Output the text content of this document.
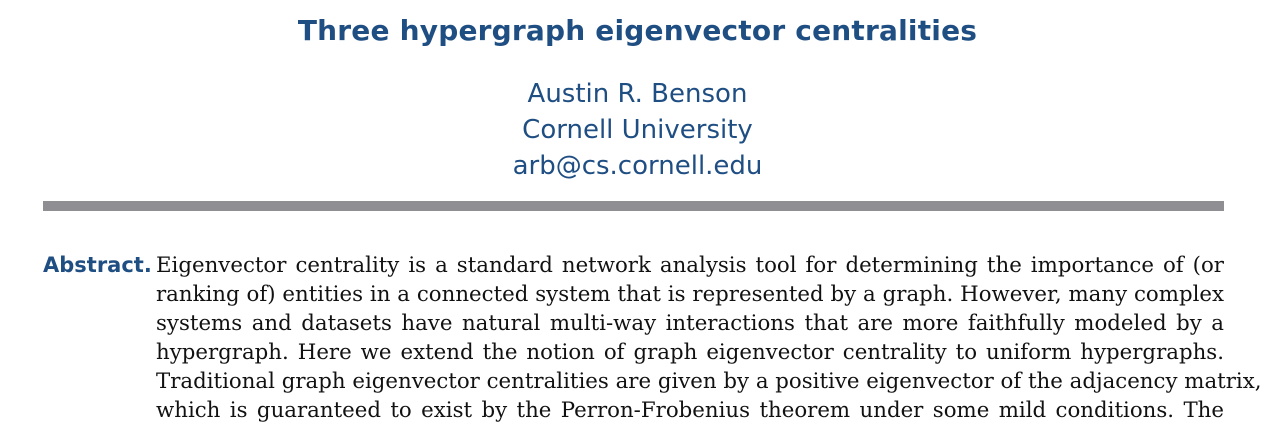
Three hypergraph eigenvector centralities
Austin R. Benson
Cornell University
arb@cs.cornell.edu
Abstract. Eigenvector centrality is a standard network analysis tool for determining the importance of (or
ranking of) entities in a connected system that is represented by a graph. However, many complex
systems and datasets have natural multi-way interactions that are more faithfully modeled by a
hypergraph. Here we extend the notion of graph eigenvector centrality to uniform hypergraphs.
Traditional graph eigenvector centralities are given by a positive eigenvector of the adjacency matrix,
which is guaranteed to exist by the Perron-Frobenius theorem under some mild conditions. The
